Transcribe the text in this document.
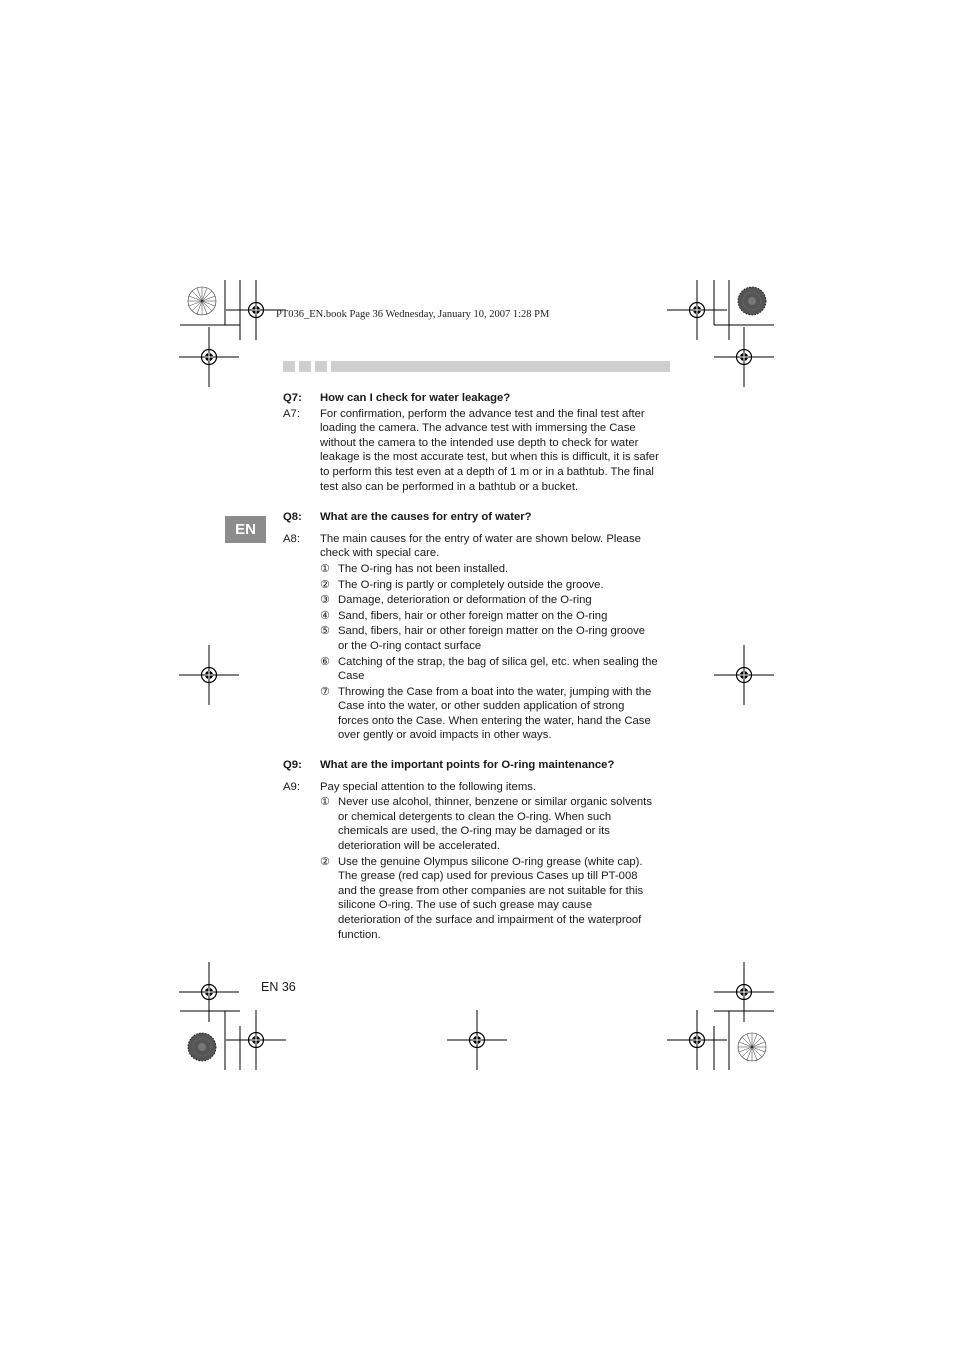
PT036_EN.book Page 36 Wednesday, January 10, 2007 1:28 PM
EN
Q7:	How can I check for water leakage?
A7:	For confirmation, perform the advance test and the final test after
loading the camera. The advance test with immersing the Case
without the camera to the intended use depth to check for water
leakage is the most accurate test, but when this is difficult, it is safer
to perform this test even at a depth of 1 m or in a bathtub. The final
test also can be performed in a bathtub or a bucket.
Q8:	What are the causes for entry of water?
A8:	The main causes for the entry of water are shown below. Please
check with special care.
① The O-ring has not been installed.
② The O-ring is partly or completely outside the groove.
③ Damage, deterioration or deformation of the O-ring
④ Sand, fibers, hair or other foreign matter on the O-ring
⑤ Sand, fibers, hair or other foreign matter on the O-ring groove
or the O-ring contact surface
⑥ Catching of the strap, the bag of silica gel, etc. when sealing the
Case
⑦ Throwing the Case from a boat into the water, jumping with the
Case into the water, or other sudden application of strong
forces onto the Case. When entering the water, hand the Case
over gently or avoid impacts in other ways.
Q9:	What are the important points for O-ring maintenance?
A9:	Pay special attention to the following items.
① Never use alcohol, thinner, benzene or similar organic solvents
or chemical detergents to clean the O-ring. When such
chemicals are used, the O-ring may be damaged or its
deterioration will be accelerated.
② Use the genuine Olympus silicone O-ring grease (white cap).
The grease (red cap) used for previous Cases up till PT-008
and the grease from other companies are not suitable for this
silicone O-ring. The use of such grease may cause
deterioration of the surface and impairment of the waterproof
function.
EN 36
